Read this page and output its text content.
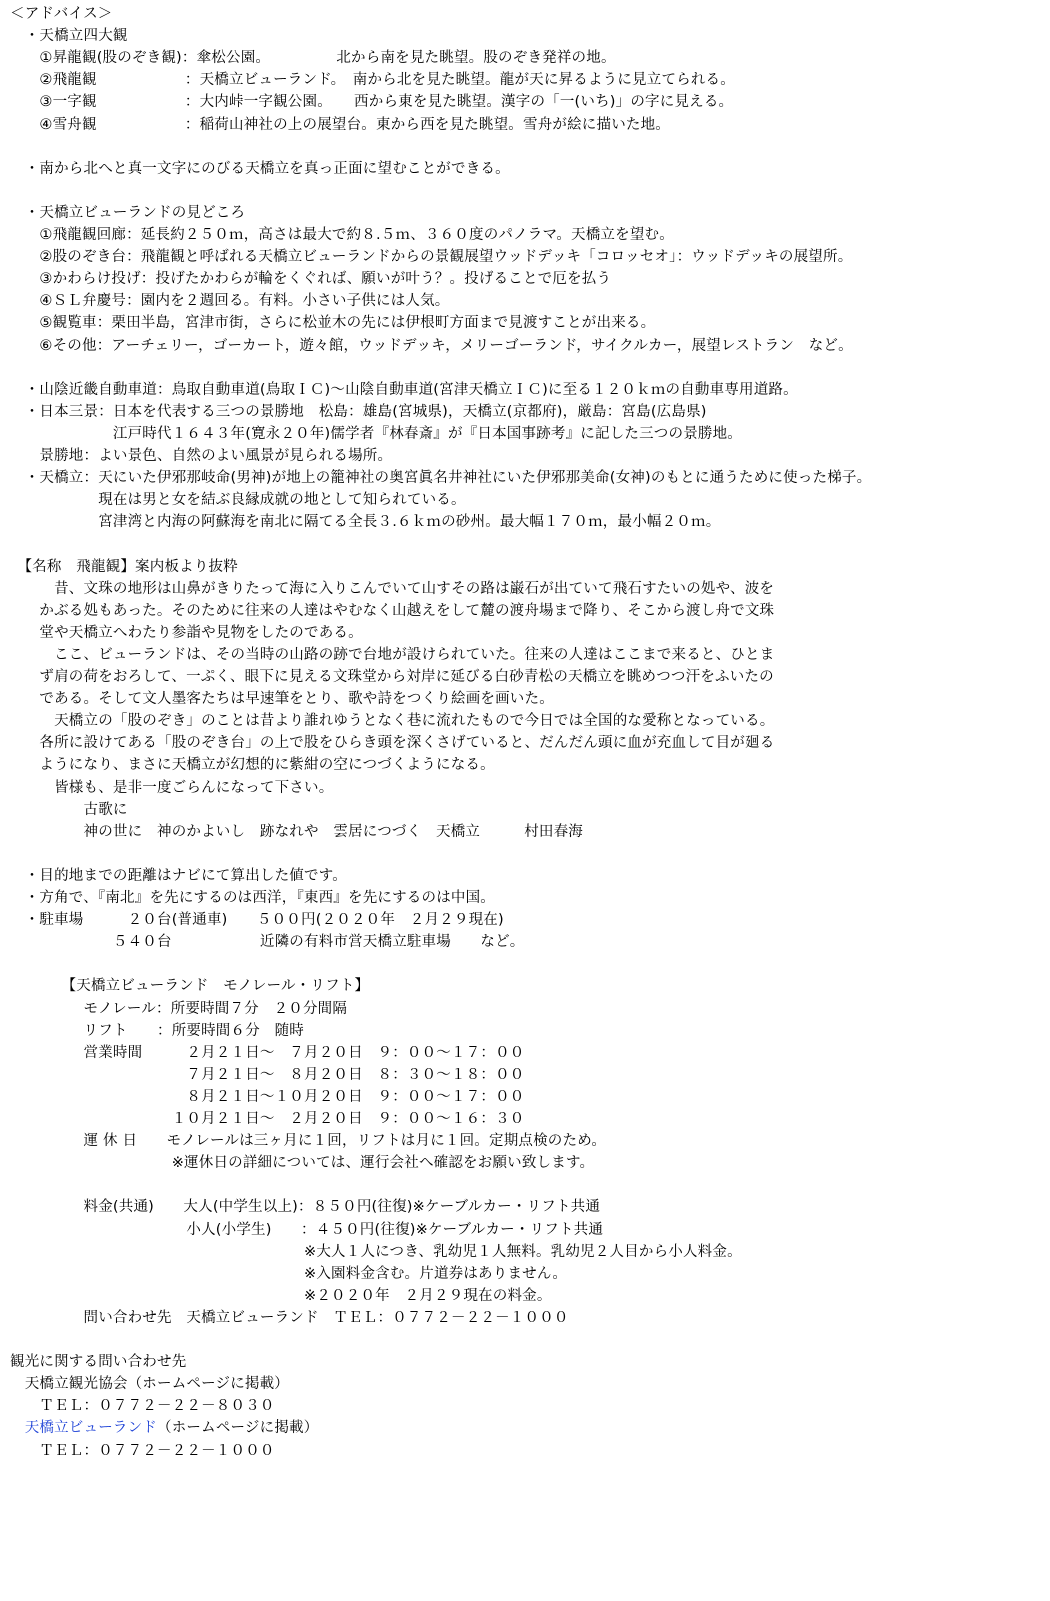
＜アドバイス＞
　・天橋立四大観
　　①昇龍観(股のぞき観)：傘松公園。　　　　　北から南を見た眺望。股のぞき発祥の地。
　　②飛龍観　　　　　　：天橋立ビューランド。　南から北を見た眺望。龍が天に昇るように見立てられる。
　　③一字観　　　　　　：大内峠一字観公園。　　西から東を見た眺望。漢字の「一(いち)」の字に見える。
　　④雪舟観　　　　　　：稲荷山神社の上の展望台。東から西を見た眺望。雪舟が絵に描いた地。
　・南から北へと真一文字にのびる天橋立を真っ正面に望むことができる。
　・天橋立ビューランドの見どころ
　　①飛龍観回廊：延長約２５０ｍ，高さは最大で約８.５ｍ、３６０度のパノラマ。天橋立を望む。
　　②股のぞき台：飛龍観と呼ばれる天橋立ビューランドからの景観展望ウッドデッキ「コロッセオ」：ウッドデッキの展望所。
　　③かわらけ投げ：投げたかわらが輪をくぐれば、願いが叶う？。投げることで厄を払う
　　④ＳＬ弁慶号：園内を２週回る。有料。小さい子供には人気。
　　⑤観覧車：栗田半島，宮津市街，さらに松並木の先には伊根町方面まで見渡すことが出来る。
　　⑥その他：アーチェリー，ゴーカート，遊々館，ウッドデッキ，メリーゴーランド，サイクルカー，展望レストラン　など。
　・山陰近畿自動車道：鳥取自動車道(鳥取ＩＣ)～山陰自動車道(宮津天橋立ＩＣ)に至る１２０ｋｍの自動車専用道路。
　・日本三景：日本を代表する三つの景勝地　松島：雄島(宮城県)，天橋立(京都府)，厳島：宮島(広島県)
　　　　　　　江戸時代１６４３年(寛永２０年)儒学者『林春斎』が『日本国事跡考』に記した三つの景勝地。
　　景勝地：よい景色、自然のよい風景が見られる場所。
　・天橋立：天にいた伊邪那岐命(男神)が地上の籠神社の奥宮眞名井神社にいた伊邪那美命(女神)のもとに通うために使った梯子。
　　　　　　現在は男と女を結ぶ良縁成就の地として知られている。
　　　　　　宮津湾と内海の阿蘇海を南北に隔てる全長３.６ｋｍの砂州。最大幅１７０ｍ，最小幅２０ｍ。
　【名称　飛龍観】案内板より抜粋
　　　昔、文珠の地形は山鼻がきりたって海に入りこんでいて山すその路は巌石が出ていて飛石すたいの処や、波を
　　かぶる処もあった。そのために往来の人達はやむなく山越えをして麓の渡舟場まで降り、そこから渡し舟で文珠
　　堂や天橋立へわたり参詣や見物をしたのである。
　　　ここ、ビューランドは、その当時の山路の跡で台地が設けられていた。往来の人達はここまで来ると、ひとま
　　ず肩の荷をおろして、一ぷく、眼下に見える文珠堂から対岸に延びる白砂青松の天橋立を眺めつつ汗をふいたの
　　である。そして文人墨客たちは早速筆をとり、歌や詩をつくり絵画を画いた。
　　　天橋立の「股のぞき」のことは昔より誰れゆうとなく巷に流れたもので今日では全国的な愛称となっている。
　　各所に設けてある「股のぞき台」の上で股をひらき頭を深くさげていると、だんだん頭に血が充血して目が廻る
　　ようになり、まさに天橋立が幻想的に紫紺の空につづくようになる。
　　　皆様も、是非一度ごらんになって下さい。
　　　　　古歌に
　　　　　神の世に　神のかよいし　跡なれや　雲居につづく　天橋立　　　村田春海
　・目的地までの距離はナビにて算出した値です。
　・方角で、『南北』を先にするのは西洋，『東西』を先にするのは中国。
　・駐車場　　　２０台(普通車)　　５００円(２０２０年　２月２９現在)
　　　　　　　５４０台　　　　　　近隣の有料市営天橋立駐車場　　など。
　　　　【天橋立ビューランド　モノレール・リフト】
　　　　　モノレール：所要時間７分　２０分間隔
　　　　　リフト　　：所要時間６分　随時
　　　　　営業時間　　　２月２１日～　７月２０日　９：００～１７：００
　　　　　　　　　　　　７月２１日～　８月２０日　８：３０～１８：００
　　　　　　　　　　　　８月２１日～１０月２０日　９：００～１７：００
　　　　　　　　　　　１０月２１日～　２月２０日　９：００～１６：３０
　　　　　運 休 日　　モノレールは三ヶ月に１回，リフトは月に１回。定期点検のため。
　　　　　　　　　　　※運休日の詳細については、運行会社へ確認をお願い致します。
　　　　　料金(共通)　　大人(中学生以上)：８５０円(往復)※ケーブルカー・リフト共通
　　　　　　　　　　　　小人(小学生)　　：４５０円(往復)※ケーブルカー・リフト共通
　　　　　　　　　　　　　　　　　　　　※大人１人につき、乳幼児１人無料。乳幼児２人目から小人料金。
　　　　　　　　　　　　　　　　　　　　※入園料金含む。片道券はありません。
　　　　　　　　　　　　　　　　　　　　※２０２０年　２月２９現在の料金。
　　　　　問い合わせ先　天橋立ビューランド　ＴＥＬ：０７７２－２２－１０００
観光に関する問い合わせ先
　天橋立観光協会（ホームページに掲載）
　　ＴＥＬ：０７７２－２２－８０３０
　天橋立ビューランド（ホームページに掲載）
　　ＴＥＬ：０７７２－２２－１０００
